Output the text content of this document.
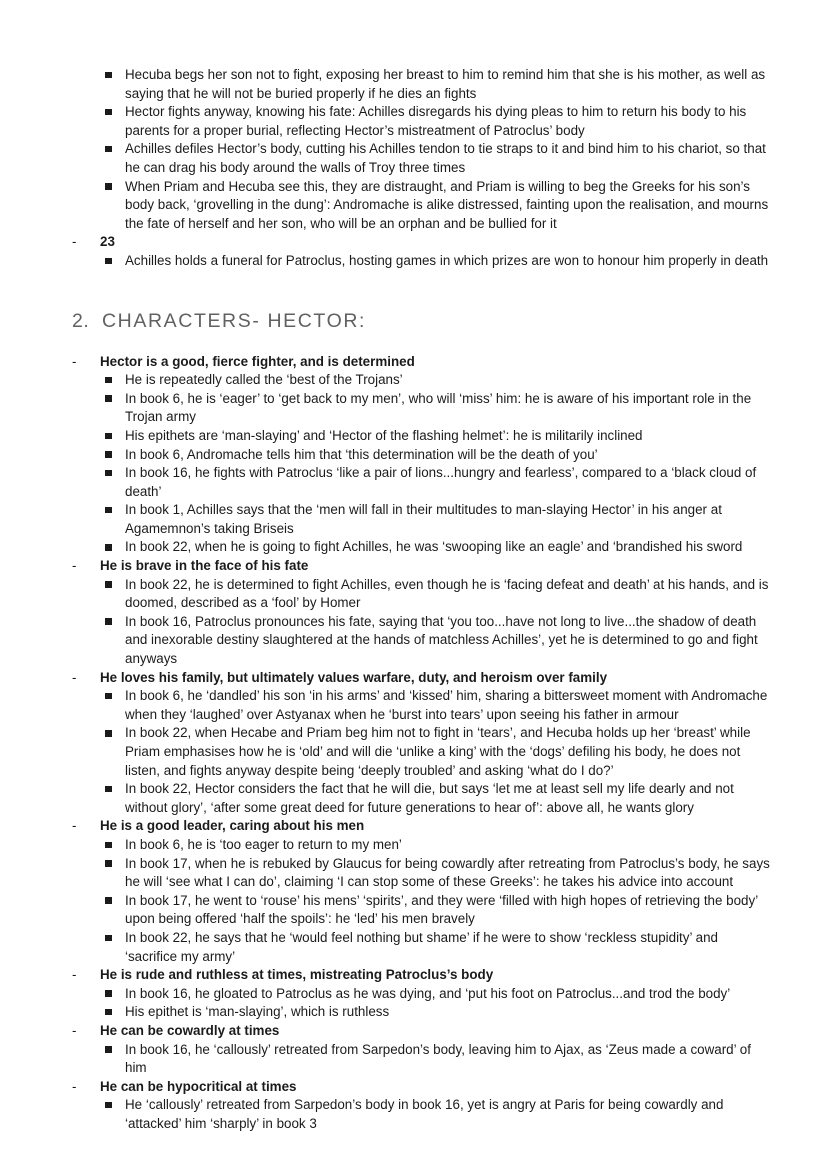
Hecuba begs her son not to fight, exposing her breast to him to remind him that she is his mother, as well as saying that he will not be buried properly if he dies an fights
Hector fights anyway, knowing his fate: Achilles disregards his dying pleas to him to return his body to his parents for a proper burial, reflecting Hector’s mistreatment of Patroclus’ body
Achilles defiles Hector’s body, cutting his Achilles tendon to tie straps to it and bind him to his chariot, so that he can drag his body around the walls of Troy three times
When Priam and Hecuba see this, they are distraught, and Priam is willing to beg the Greeks for his son’s body back, ‘grovelling in the dung’: Andromache is alike distressed, fainting upon the realisation, and mourns the fate of herself and her son, who will be an orphan and be bullied for it
-	23
Achilles holds a funeral for Patroclus, hosting games in which prizes are won to honour him properly in death
2. CHARACTERS- HECTOR:
-	Hector is a good, fierce fighter, and is determined
He is repeatedly called the ‘best of the Trojans’
In book 6, he is ‘eager’ to ‘get back to my men’, who will ‘miss’ him: he is aware of his important role in the Trojan army
His epithets are ‘man-slaying’ and ‘Hector of the flashing helmet’: he is militarily inclined
In book 6, Andromache tells him that ‘this determination will be the death of you’
In book 16, he fights with Patroclus ‘like a pair of lions...hungry and fearless’, compared to a ‘black cloud of death’
In book 1, Achilles says that the ‘men will fall in their multitudes to man-slaying Hector’ in his anger at Agamemnon’s taking Briseis
In book 22, when he is going to fight Achilles, he was ‘swooping like an eagle’ and ‘brandished his sword
-	He is brave in the face of his fate
In book 22, he is determined to fight Achilles, even though he is ‘facing defeat and death’ at his hands, and is doomed, described as a ‘fool’ by Homer
In book 16, Patroclus pronounces his fate, saying that ‘you too...have not long to live...the shadow of death and inexorable destiny slaughtered at the hands of matchless Achilles’, yet he is determined to go and fight anyways
-	He loves his family, but ultimately values warfare, duty, and heroism over family
In book 6, he ‘dandled’ his son ‘in his arms’ and ‘kissed’ him, sharing a bittersweet moment with Andromache when they ‘laughed’ over Astyanax when he ‘burst into tears’ upon seeing his father in armour
In book 22, when Hecabe and Priam beg him not to fight in ‘tears’, and Hecuba holds up her ‘breast’ while Priam emphasises how he is ‘old’ and will die ‘unlike a king’ with the ‘dogs’ defiling his body, he does not listen, and fights anyway despite being ‘deeply troubled’ and asking ‘what do I do?’
In book 22, Hector considers the fact that he will die, but says ‘let me at least sell my life dearly and not without glory’, ‘after some great deed for future generations to hear of’: above all, he wants glory
-	He is a good leader, caring about his men
In book 6, he is ‘too eager to return to my men’
In book 17, when he is rebuked by Glaucus for being cowardly after retreating from Patroclus’s body, he says he will ‘see what I can do’, claiming ‘I can stop some of these Greeks’: he takes his advice into account
In book 17, he went to ‘rouse’ his mens’ ‘spirits’, and they were ‘filled with high hopes of retrieving the body’ upon being offered ‘half the spoils’: he ‘led’ his men bravely
In book 22, he says that he ‘would feel nothing but shame’ if he were to show ‘reckless stupidity’ and ‘sacrifice my army’
-	He is rude and ruthless at times, mistreating Patroclus’s body
In book 16, he gloated to Patroclus as he was dying, and ‘put his foot on Patroclus...and trod the body’
His epithet is ‘man-slaying’, which is ruthless
-	He can be cowardly at times
In book 16, he ‘callously’ retreated from Sarpedon’s body, leaving him to Ajax, as ‘Zeus made a coward’ of him
-	He can be hypocritical at times
He ‘callously’ retreated from Sarpedon’s body in book 16, yet is angry at Paris for being cowardly and ‘attacked’ him ‘sharply’ in book 3
